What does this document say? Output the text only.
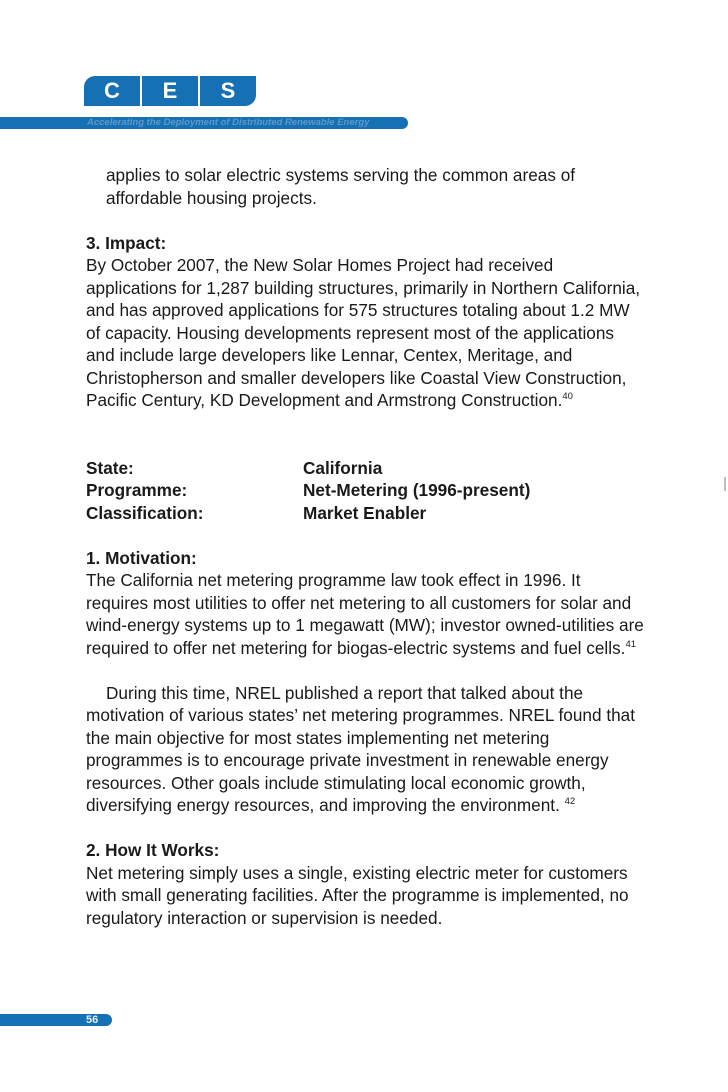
C	E	S
Accelerating the Deployment of Distributed Renewable Energy

applies to solar electric systems serving the common areas of

affordable housing projects.

3. Impact:

By October 2007, the New Solar Homes Project had received applications for 1,287 building structures, primarily in Northern California, and has approved applications for 575 structures totaling about 1.2 MW of capacity. Housing developments represent most of the applications and include large developers like Lennar, Centex, Meritage, and Christopherson and smaller developers like Coastal View Construction, Pacific Century, KD Development and Armstrong Construction.$^{40}$

State:	California
Programme:	Net-Metering (1996-present)
Classification:	Market Enabler

1. Motivation:

The California net metering programme law took effect in 1996. It requires most utilities to offer net metering to all customers for solar and wind-energy systems up to 1 megawatt (MW); investor owned-utilities are required to offer net metering for biogas-electric systems and fuel cells.$^{41}$

During this time, NREL published a report that talked about the motivation of various states’ net metering programmes. NREL found that the main objective for most states implementing net metering programmes is to encourage private investment in renewable energy resources. Other goals include stimulating local economic growth, diversifying energy resources, and improving the environment. $^{42}$

2. How It Works:

Net metering simply uses a single, existing electric meter for customers with small generating facilities. After the programme is implemented, no regulatory interaction or supervision is needed.

56
